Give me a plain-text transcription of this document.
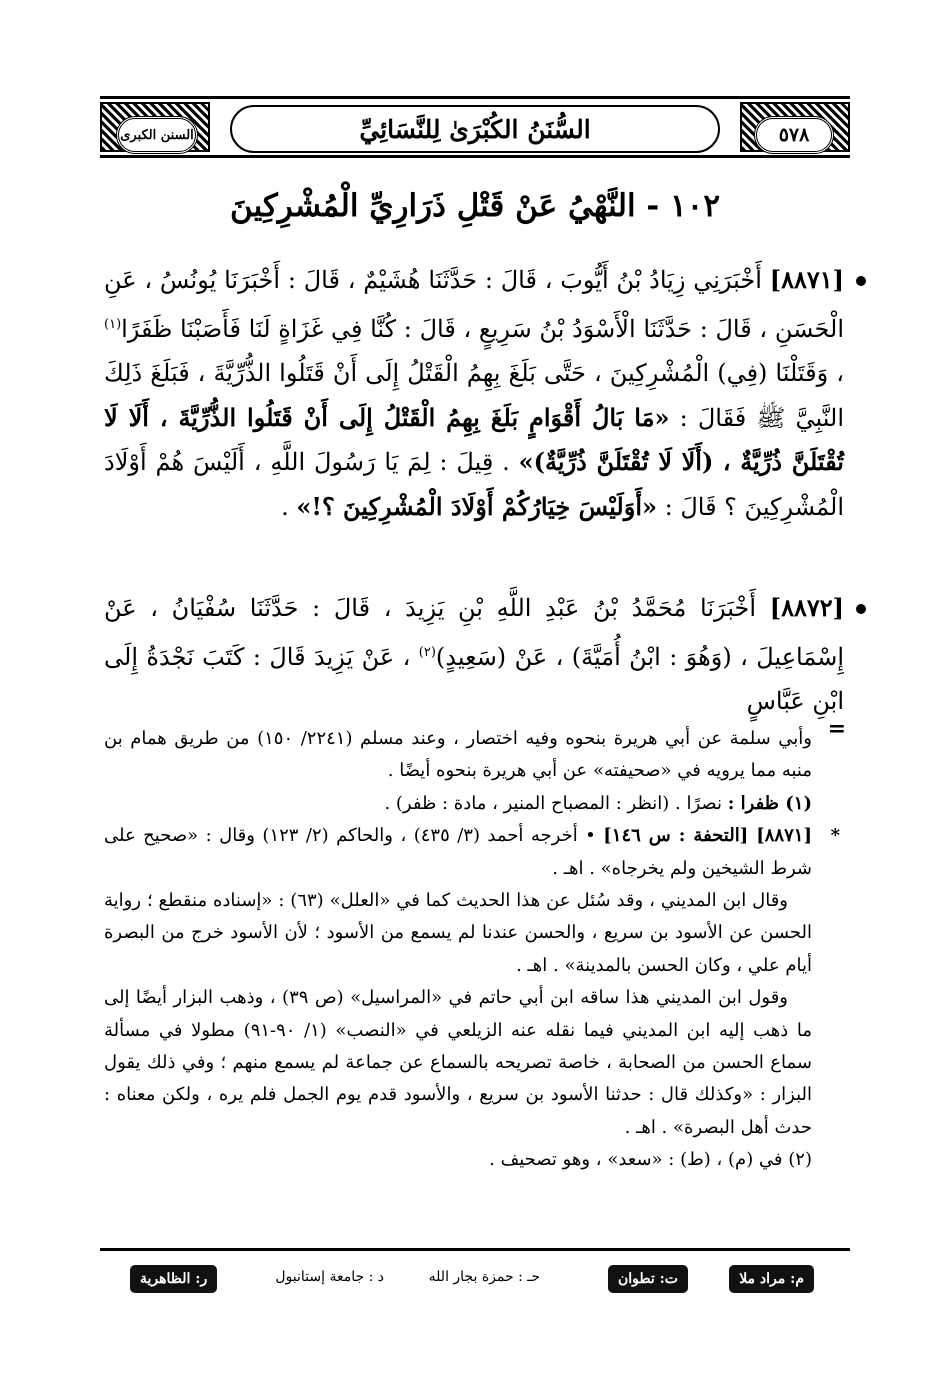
٥٧٨
السُّنَنُ الكُبْرَىٰ لِلنَّسَائِيِّ
السنن الكبرى
١٠٢ - النَّهْيُ عَنْ قَتْلِ ذَرَارِيِّ الْمُشْرِكِينَ
[٨٨٧١] أَخْبَرَنِي زِيَادُ بْنُ أَيُّوبَ ، قَالَ : حَدَّثَنَا هُشَيْمٌ ، قَالَ : أَخْبَرَنَا يُونُسُ ، عَنِ الْحَسَنِ ، قَالَ : حَدَّثَنَا الْأَسْوَدُ بْنُ سَرِيعٍ ، قَالَ : كُنَّا فِي غَزَاةٍ لَنَا فَأَصَبْنَا ظَفَرًا$^{(١)}$ ، وَقَتَلْنَا (فِي) الْمُشْرِكِينَ ، حَتَّى بَلَغَ بِهِمُ الْقَتْلُ إِلَى أَنْ قَتَلُوا الذُّرِّيَّةَ ، فَبَلَغَ ذَلِكَ النَّبِيَّ ﷺ فَقَالَ : «مَا بَالُ أَقْوَامٍ بَلَغَ بِهِمُ الْقَتْلُ إِلَى أَنْ قَتَلُوا الذُّرِّيَّةَ ، أَلَا لَا تُقْتَلَنَّ ذُرِّيَّةٌ ، (أَلَا لَا تُقْتَلَنَّ ذُرِّيَّةٌ)» . قِيلَ : لِمَ يَا رَسُولَ اللَّهِ ، أَلَيْسَ هُمْ أَوْلَادَ الْمُشْرِكِينَ ؟ قَالَ : «أَوَلَيْسَ خِيَارُكُمْ أَوْلَادَ الْمُشْرِكِينَ ؟!» .
[٨٨٧٢] أَخْبَرَنَا مُحَمَّدُ بْنُ عَبْدِ اللَّهِ بْنِ يَزِيدَ ، قَالَ : حَدَّثَنَا سُفْيَانُ ، عَنْ إِسْمَاعِيلَ ، (وَهُوَ : ابْنُ أُمَيَّةَ) ، عَنْ (سَعِيدٍ)$^{(٢)}$ ، عَنْ يَزِيدَ قَالَ : كَتَبَ نَجْدَةُ إِلَى ابْنِ عَبَّاسٍ
=

وأبي سلمة عن أبي هريرة بنحوه وفيه اختصار ، وعند مسلم (٢٢٤١/ ١٥٠) من طريق همام بن منبه مما يرويه في «صحيفته» عن أبي هريرة بنحوه أيضًا .

(١) ظفرا : نصرًا . (انظر : المصباح المنير ، مادة : ظفر) .

*
[٨٨٧١] [التحفة : س ١٤٦] • أخرجه أحمد (٣/ ٤٣٥) ، والحاكم (٢/ ١٢٣) وقال : «صحيح على شرط الشيخين ولم يخرجاه» . اهـ .

وقال ابن المديني ، وقد سُئل عن هذا الحديث كما في «العلل» (٦٣) : «إسناده منقطع ؛ رواية الحسن عن الأسود بن سريع ، والحسن عندنا لم يسمع من الأسود ؛ لأن الأسود خرج من البصرة أيام علي ، وكان الحسن بالمدينة» . اهـ .

وقول ابن المديني هذا ساقه ابن أبي حاتم في «المراسيل» (ص ٣٩) ، وذهب البزار أيضًا إلى ما ذهب إليه ابن المديني فيما نقله عنه الزيلعي في «النصب» (١/ ٩٠-٩١) مطولا في مسألة سماع الحسن من الصحابة ، خاصة تصريحه بالسماع عن جماعة لم يسمع منهم ؛ وفي ذلك يقول البزار : «وكذلك قال : حدثنا الأسود بن سريع ، والأسود قدم يوم الجمل فلم يره ، ولكن معناه : حدث أهل البصرة» . اهـ .

(٢) في (م) ، (ط) : «سعد» ، وهو تصحيف .

م: مراد ملا
ت: تطوان
حـ : حمزة بجار الله
د : جامعة إستانبول
ر: الظاهرية
